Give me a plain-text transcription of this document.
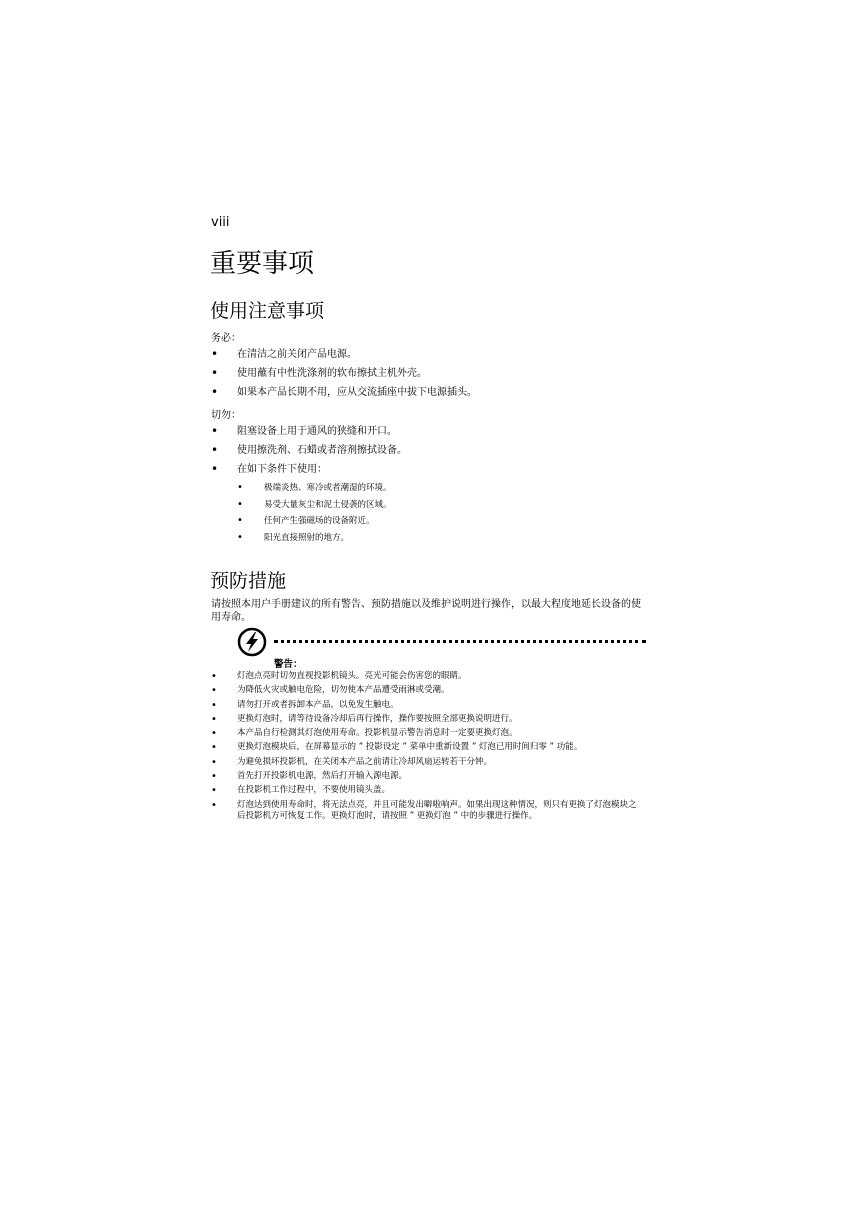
viii
重要事项
使用注意事项
务必：
• 在清洁之前关闭产品电源。
• 使用蘸有中性洗涤剂的软布擦拭主机外壳。
• 如果本产品长期不用，应从交流插座中拔下电源插头。
切勿：
• 阻塞设备上用于通风的狭缝和开口。
• 使用擦洗剂、石蜡或者溶剂擦拭设备。
• 在如下条件下使用：
• 极端炎热、寒冷或者潮湿的环境。
• 易受大量灰尘和泥土侵袭的区域。
• 任何产生强磁场的设备附近。
• 阳光直接照射的地方。
预防措施
请按照本用户手册建议的所有警告、预防措施以及维护说明进行操作，以最大程度地延长设备的使用寿命。
警告：
• 灯泡点亮时切勿直视投影机镜头。亮光可能会伤害您的眼睛。
• 为降低火灾或触电危险，切勿使本产品遭受雨淋或受潮。
• 请勿打开或者拆卸本产品，以免发生触电。
• 更换灯泡时，请等待设备冷却后再行操作，操作要按照全部更换说明进行。
• 本产品自行检测其灯泡使用寿命。投影机显示警告消息时一定要更换灯泡。
• 更换灯泡模块后，在屏幕显示的 ” 投影设定 ” 菜单中重新设置 ” 灯泡已用时间归零 ” 功能。
• 为避免损坏投影机，在关闭本产品之前请让冷却风扇运转若干分钟。
• 首先打开投影机电源，然后打开输入源电源。
• 在投影机工作过程中，不要使用镜头盖。
• 灯泡达到使用寿命时，将无法点亮，并且可能发出噼啦响声。如果出现这种情况，则只有更换了灯泡模块之后投影机方可恢复工作。更换灯泡时，请按照 ” 更换灯泡 ” 中的步骤进行操作。
